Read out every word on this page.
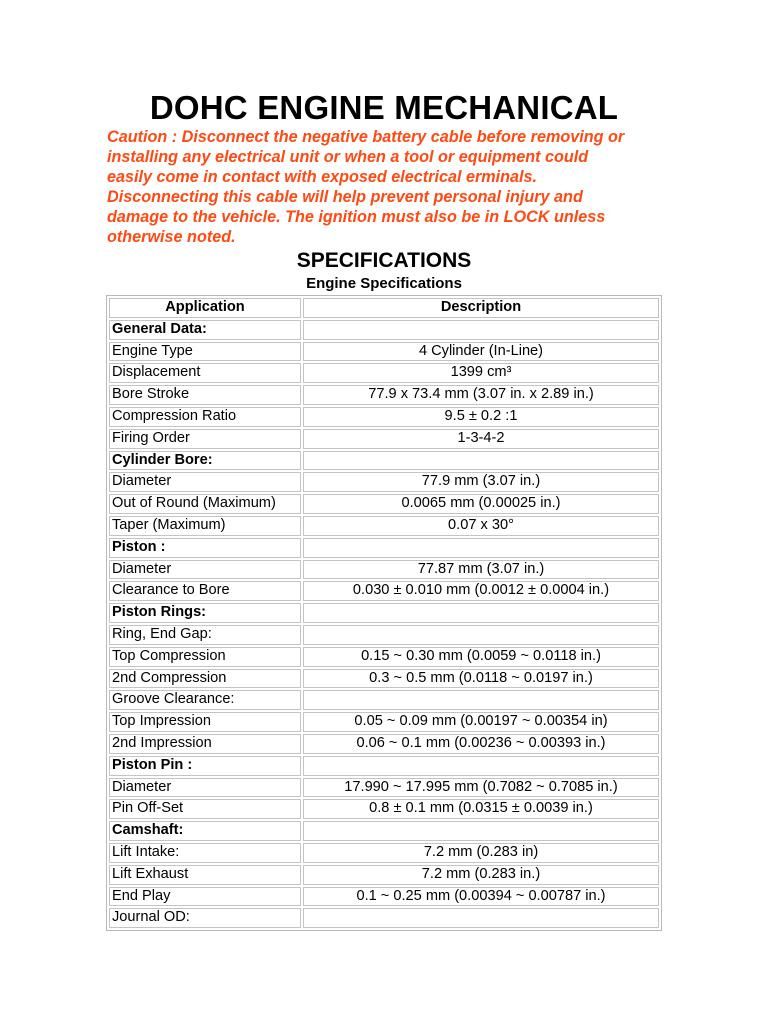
DOHC ENGINE MECHANICAL
Caution : Disconnect the negative battery cable before removing or
installing any electrical unit or when a tool or equipment could
easily come in contact with exposed electrical erminals.
Disconnecting this cable will help prevent personal injury and
damage to the vehicle. The ignition must also be in LOCK unless
otherwise noted.
SPECIFICATIONS
Engine Specifications
Application	Description
General Data:	
Engine Type	4 Cylinder (In-Line)
Displacement	1399 cm³
Bore Stroke	77.9 x 73.4 mm (3.07 in. x 2.89 in.)
Compression Ratio	9.5 ± 0.2 :1
Firing Order	1-3-4-2
Cylinder Bore:	
Diameter	77.9 mm (3.07 in.)
Out of Round (Maximum)	0.0065 mm (0.00025 in.)
Taper (Maximum)	0.07 x 30°
Piston :	
Diameter	77.87 mm (3.07 in.)
Clearance to Bore	0.030 ± 0.010 mm (0.0012 ± 0.0004 in.)
Piston Rings:	
Ring, End Gap:	
Top Compression	0.15 ~ 0.30 mm (0.0059 ~ 0.0118 in.)
2nd Compression	0.3 ~ 0.5 mm (0.0118 ~ 0.0197 in.)
Groove Clearance:	
Top Impression	0.05 ~ 0.09 mm (0.00197 ~ 0.00354 in)
2nd Impression	0.06 ~ 0.1 mm (0.00236 ~ 0.00393 in.)
Piston Pin :	
Diameter	17.990 ~ 17.995 mm (0.7082 ~ 0.7085 in.)
Pin Off-Set	0.8 ± 0.1 mm (0.0315 ± 0.0039 in.)
Camshaft:	
Lift Intake:	7.2 mm (0.283 in)
Lift Exhaust	7.2 mm (0.283 in.)
End Play	0.1 ~ 0.25 mm (0.00394 ~ 0.00787 in.)
Journal OD:	
